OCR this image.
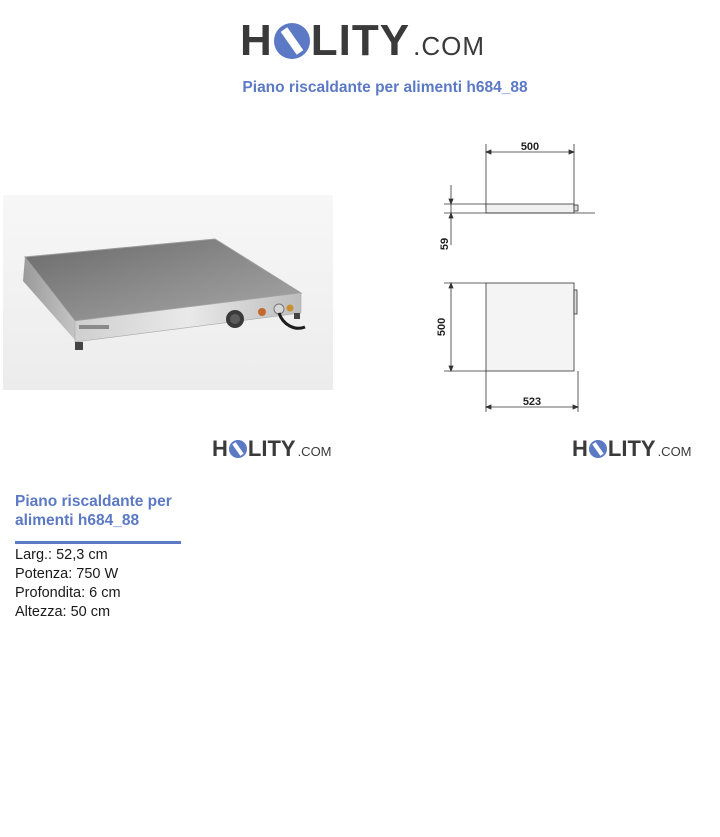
H LITY .COM
Piano riscaldante per alimenti h684_88
500
59
500
523
H LITY .COM	H LITY .COM
Piano riscaldante per
alimenti h684_88
Larg.: 52,3 cm
Potenza: 750 W
Profondita: 6 cm
Altezza: 50 cm
